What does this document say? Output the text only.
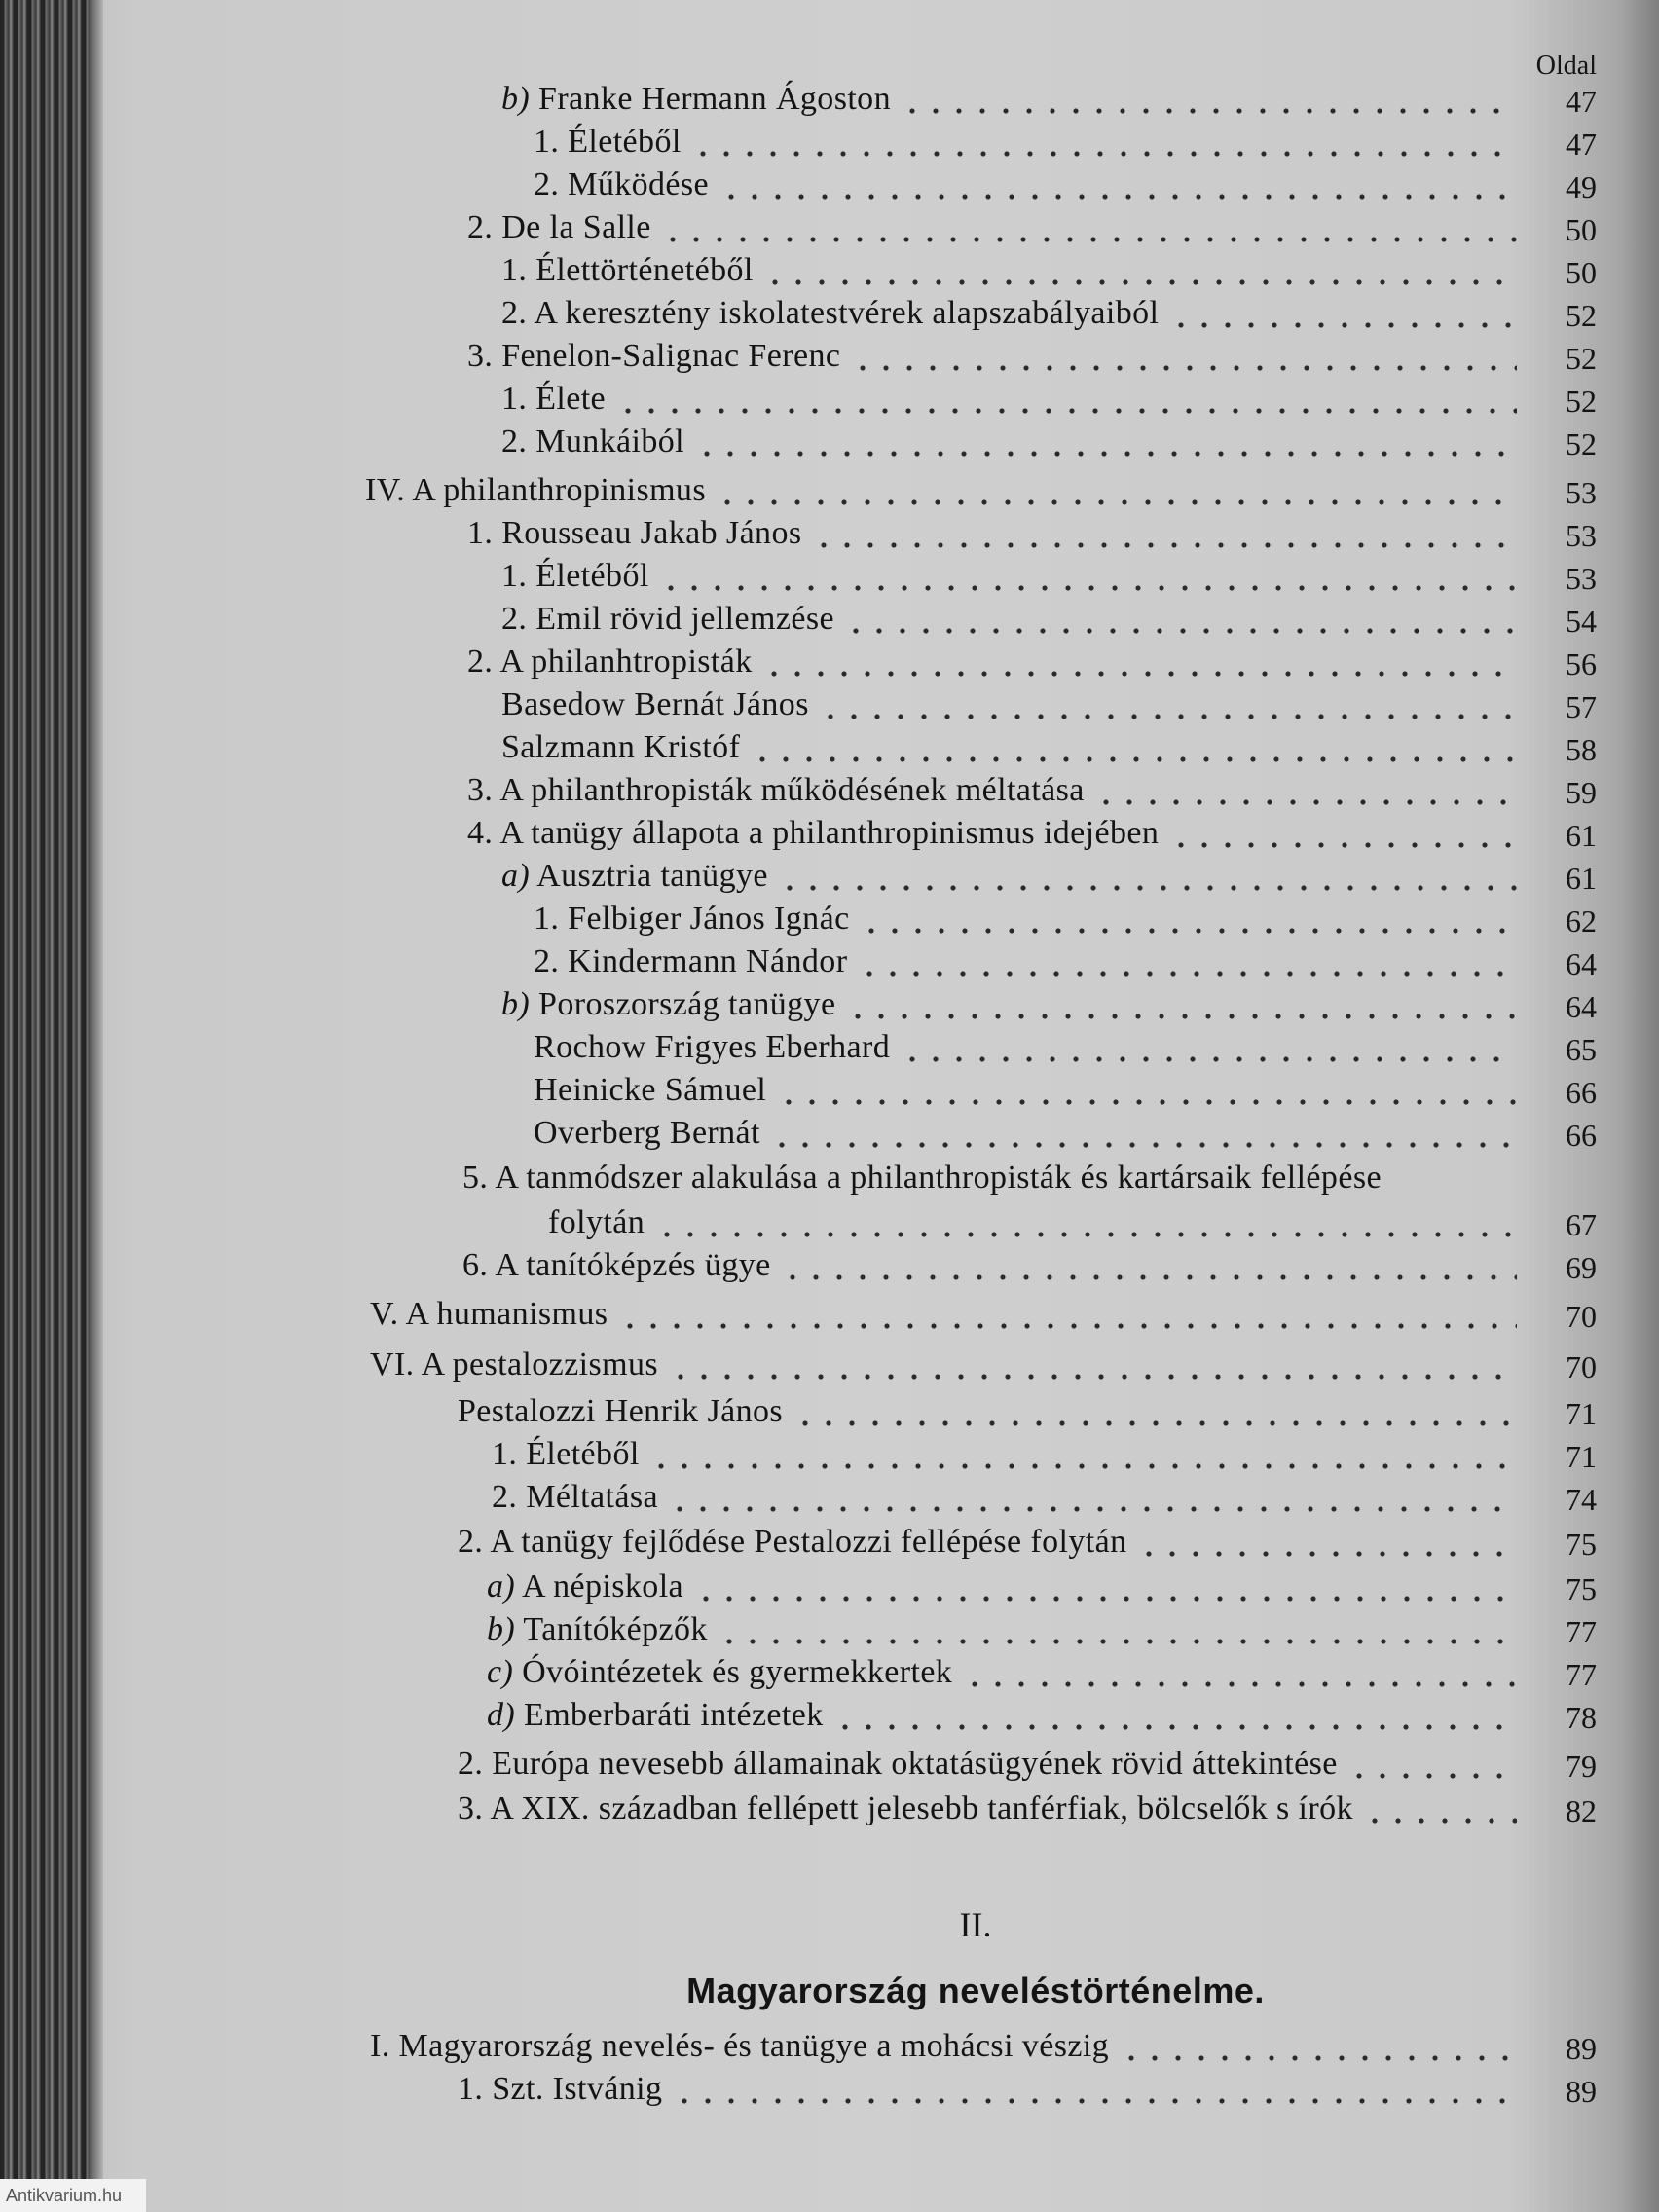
Oldal
b) Franke Hermann Ágoston	47
1. Életéből	47
2. Működése	49
2. De la Salle	50
1. Élettörténetéből	50
2. A keresztény iskolatestvérek alapszabályaiból	52
3. Fenelon-Salignac Ferenc	52
1. Élete	52
2. Munkáiból	52
IV. A philanthropinismus	53
1. Rousseau Jakab János	53
1. Életéből	53
2. Emil rövid jellemzése	54
2. A philanhtropisták	56
Basedow Bernát János	57
Salzmann Kristóf	58
3. A philanthropisták működésének méltatása	59
4. A tanügy állapota a philanthropinismus idejében	61
a) Ausztria tanügye	61
1. Felbiger János Ignác	62
2. Kindermann Nándor	64
b) Poroszország tanügye	64
Rochow Frigyes Eberhard	65
Heinicke Sámuel	66
Overberg Bernát	66
5. A tanmódszer alakulása a philanthropisták és kartársaik fellépése
folytán	67
6. A tanítóképzés ügye	69
V. A humanismus	70
VI. A pestalozzismus	70
Pestalozzi Henrik János	71
1. Életéből	71
2. Méltatása	74
2. A tanügy fejlődése Pestalozzi fellépése folytán	75
a) A népiskola	75
b) Tanítóképzők	77
c) Óvóintézetek és gyermekkertek	77
d) Emberbaráti intézetek	78
2. Európa nevesebb államainak oktatásügyének rövid áttekintése	79
3. A XIX. században fellépett jelesebb tanférfiak, bölcselők s írók	82
II.
Magyarország neveléstörténelme.
I. Magyarország nevelés- és tanügye a mohácsi vészig	89
1. Szt. Istvánig	89
Antikvarium.hu
